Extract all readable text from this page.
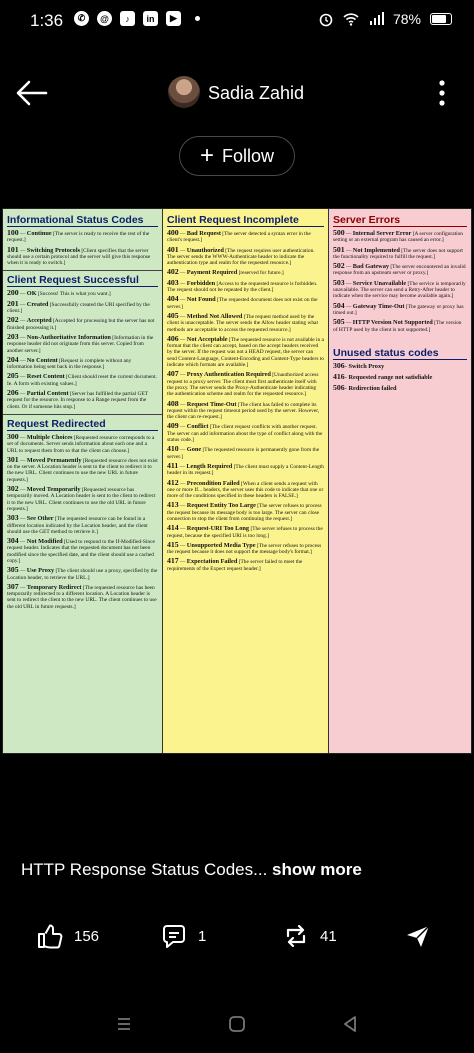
1:36	✆	@	♪	in	▶	78%
Sadia Zahid
+ Follow
Informational Status Codes
100 — Continue [The server is ready to receive the rest of the request.]
101 — Switching Protocols [Client specifies that the server should use a certain protocol and the server will give this response when it is ready to switch.]
Client Request Successful
200 — OK [Success! This is what you want.]
201 — Created [Successfully created the URI specified by the client.]
202 — Accepted [Accepted for processing but the server has not finished processing it.]
203 — Non-Authoritative Information [Information in the response header did not originate from this server. Copied from another server.]
204 — No Content [Request is complete without any information being sent back in the response.]
205 — Reset Content [Client should reset the current document. Ie. A form with existing values.]
206 — Partial Content [Server has fulfilled the partial GET request for the resource. In response to a Range request from the client. Or if someone hits stop.]
Request Redirected
300 — Multiple Choices [Requested resource corresponds to a set of documents. Server sends information about each one and a URL to request them from so that the client can choose.]
301 — Moved Permanently [Requested resource does not exist on the server. A Location header is sent to the client to redirect it to the new URL. Client continues to use the new URL in future requests.]
302 — Moved Temporarily [Requested resource has temporarily moved. A Location header is sent to the client to redirect it to the new URL. Client continues to use the old URL in future requests.]
303 — See Other [The requested resource can be found in a different location indicated by the Location header, and the client should use the GET method to retrieve it.]
304 — Not Modified [Used to respond to the If-Modified-Since request header. Indicates that the requested document has not been modified since the specified date, and the client should use a cached copy.]
305 — Use Proxy [The client should use a proxy, specified by the Location header, to retrieve the URL.]
307 — Temporary Redirect [The requested resource has been temporarily redirected to a different location. A Location header is sent to redirect the client to the new URL. The client continues to use the old URL in future requests.]
Client Request Incomplete
400 — Bad Request [The server detected a syntax error in the client's request.]
401 — Unauthorized [The request requires user authentication. The server sends the WWW-Authenticate header to indicate the authentication type and realm for the requested resource.]
402 — Payment Required [reserved for future.]
403 — Forbidden [Access to the requested resource is forbidden. The request should not be repeated by the client.]
404 — Not Found [The requested document does not exist on the server.]
405 — Method Not Allowed [The request method used by the client is unacceptable. The server sends the Allow header stating what methods are acceptable to access the requested resource.]
406 — Not Acceptable [The requested resource is not available in a format that the client can accept, based on the accept headers received by the server. If the request was not a HEAD request, the server can send Content-Language, Content-Encoding and Content-Type headers to indicate which formats are available.]
407 — Proxy Authentication Required [Unauthorized access request to a proxy server. The client must first authenticate itself with the proxy. The server sends the Proxy-Authenticate header indicating the authentication scheme and realm for the requested resource.]
408 — Request Time-Out [The client has failed to complete its request within the request timeout period used by the server. However, the client can re-request.]
409 — Conflict [The client request conflicts with another request. The server can add information about the type of conflict along with the status code.]
410 — Gone [The requested resource is permanently gone from the server.]
411 — Length Required [The client must supply a Content-Length header in its request.]
412 — Precondition Failed [When a client sends a request with one or more If... headers, the server uses this code to indicate that one or more of the conditions specified in these headers is FALSE.]
413 — Request Entity Too Large [The server refuses to process the request because its message body is too large. The server can close connection to stop the client from continuing the request.]
414 — Request-URI Too Long [The server refuses to process the request, because the specified URI is too long.]
415 — Unsupported Media Type [The server refuses to process the request because it does not support the message body's format.]
417 — Expectation Failed [The server failed to meet the requirements of the Expect request header.]
Server Errors
500 — Internal Server Error [A server configuration setting or an external program has caused an error.]
501 — Not Implemented [The server does not support the functionality required to fulfill the request.]
502 — Bad Gateway [The server encountered an invalid response from an upstream server or proxy.]
503 — Service Unavailable [The service is temporarily unavailable. The server can send a Retry-After header to indicate when the service may become available again.]
504 — Gateway Time-Out [The gateway or proxy has timed out.]
505 — HTTP Version Not Supported [The version of HTTP used by the client is not supported.]
Unused status codes
306- Switch Proxy
416- Requested range not satisfiable
506- Redirection failed
HTTP Response Status Codes... show more
156	1	41
